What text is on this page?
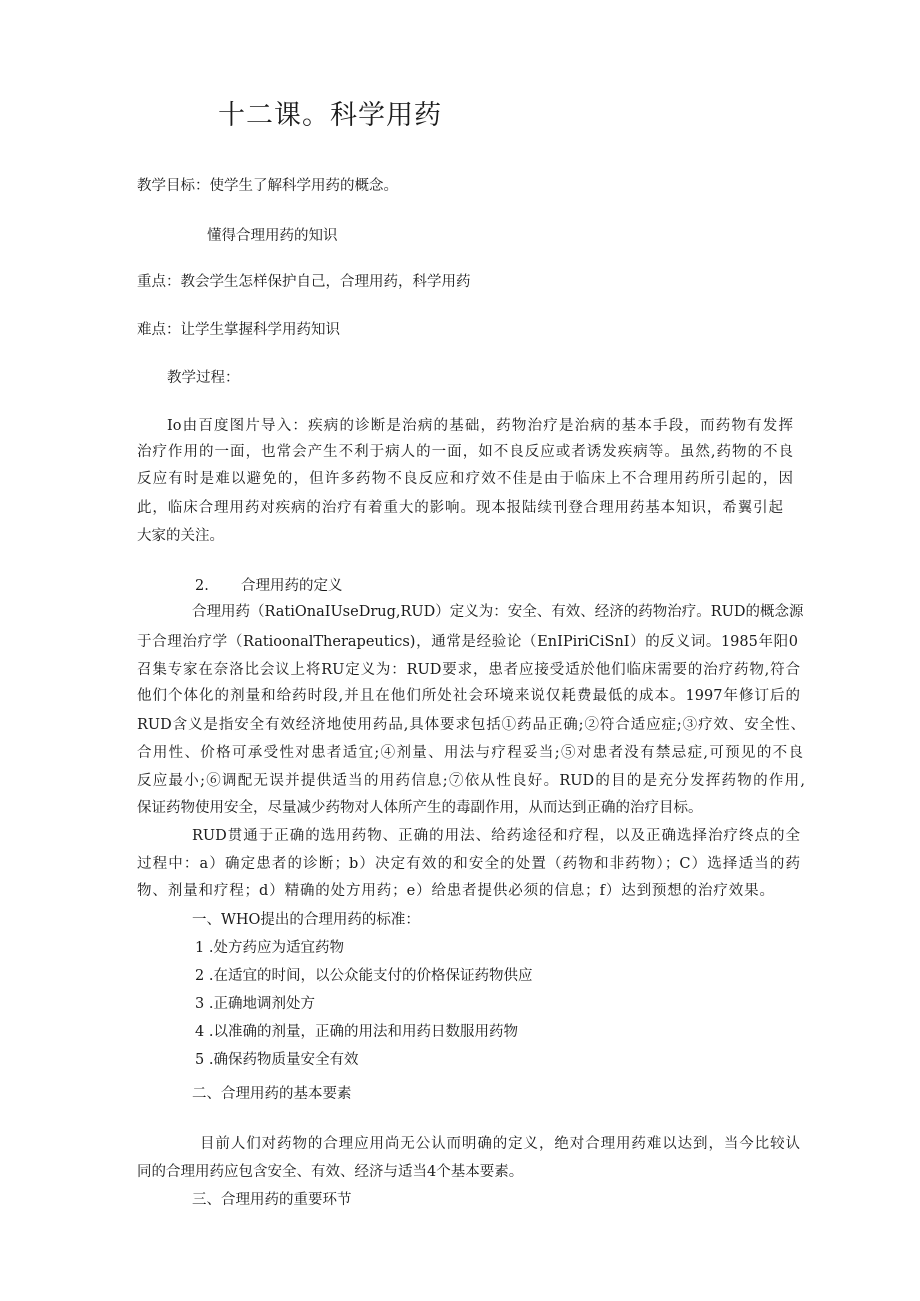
十二课。科学用药

教学目标：使学生了解科学用药的概念。

懂得合理用药的知识

重点：教会学生怎样保护自己，合理用药，科学用药

难点：让学生掌握科学用药知识

教学过程：

Io由百度图片导入：疾病的诊断是治病的基础，药物治疗是治病的基本手段，而药物有发挥

治疗作用的一面，也常会产生不利于病人的一面，如不良反应或者诱发疾病等。虽然,药物的不良

反应有时是难以避免的，但许多药物不良反应和疗效不佳是由于临床上不合理用药所引起的，因

此，临床合理用药对疾病的治疗有着重大的影响。现本报陆续刊登合理用药基本知识，希翼引起

大家的关注。

2. 合理用药的定义

合理用药（RatiOnaIUseDrug,RUD）定义为：安全、有效、经济的药物治疗。RUD的概念源

于合理治疗学（RatioonalTherapeutics)，通常是经验论（EnIPiriCiSnI）的反义词。1985年阳0

召集专家在奈洛比会议上将RU定义为：RUD要求，患者应接受适於他们临床需要的治疗药物,符合

他们个体化的剂量和给药时段,并且在他们所处社会环境来说仅耗费最低的成本。1997年修订后的

RUD含义是指安全有效经济地使用药品,具体要求包括①药品正确;②符合适应症;③疗效、安全性、

合用性、价格可承受性对患者适宜;④剂量、用法与疗程妥当;⑤对患者没有禁忌症,可预见的不良

反应最小;⑥调配无误并提供适当的用药信息;⑦依从性良好。RUD的目的是充分发挥药物的作用,

保证药物使用安全，尽量减少药物对人体所产生的毒副作用，从而达到正确的治疗目标。

RUD贯通于正确的选用药物、正确的用法、给药途径和疗程，以及正确选择治疗终点的全

过程中：a）确定患者的诊断；b）决定有效的和安全的处置（药物和非药物）；C）选择适当的药

物、剂量和疗程；d）精确的处方用药；e）给患者提供必须的信息；f）达到预想的治疗效果。

一、WHO提出的合理用药的标准：

1 .处方药应为适宜药物

2 .在适宜的时间，以公众能支付的价格保证药物供应

3 .正确地调剂处方

4 .以准确的剂量，正确的用法和用药日数服用药物

5 .确保药物质量安全有效

二、合理用药的基本要素

目前人们对药物的合理应用尚无公认而明确的定义，绝对合理用药难以达到，当今比较认

同的合理用药应包含安全、有效、经济与适当4个基本要素。

三、合理用药的重要环节
